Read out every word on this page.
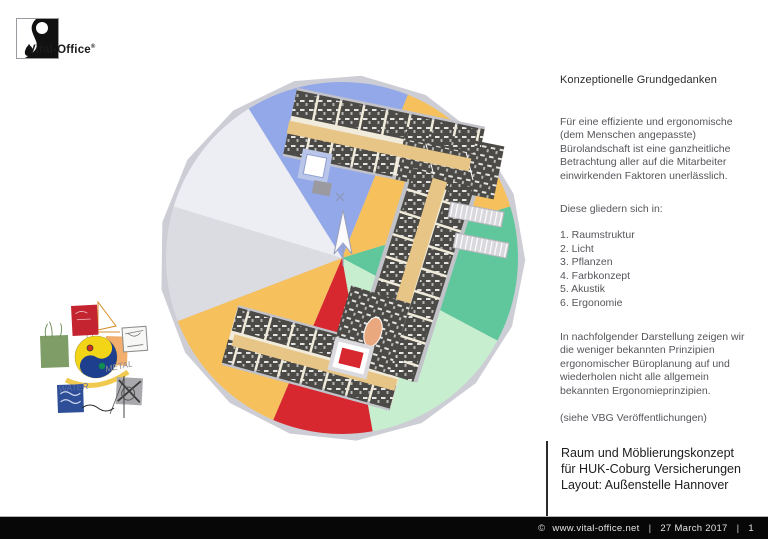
Vital-Office®
METAL
WATER
Konzeptionelle Grundgedanken
Für eine effiziente und ergonomische (dem Menschen angepasste) Bürolandschaft ist eine ganzheitliche Betrachtung aller auf die Mitarbeiter einwirkenden Faktoren unerlässlich.
Diese gliedern sich in:
1. Raumstruktur
2. Licht
3. Pflanzen
4. Farbkonzept
5. Akustik
6. Ergonomie
In nachfolgender Darstellung zeigen wir die weniger bekannten Prinzipien ergonomischer Büroplanung auf und wiederholen nicht alle allgemein bekannten Ergonomieprinzipien.
(siehe VBG Veröffentlichungen)
Raum und Möblierungskonzept
für HUK-Coburg Versicherungen
Layout: Außenstelle Hannover
© www.vital-office.net | 27 March 2017 | 1
